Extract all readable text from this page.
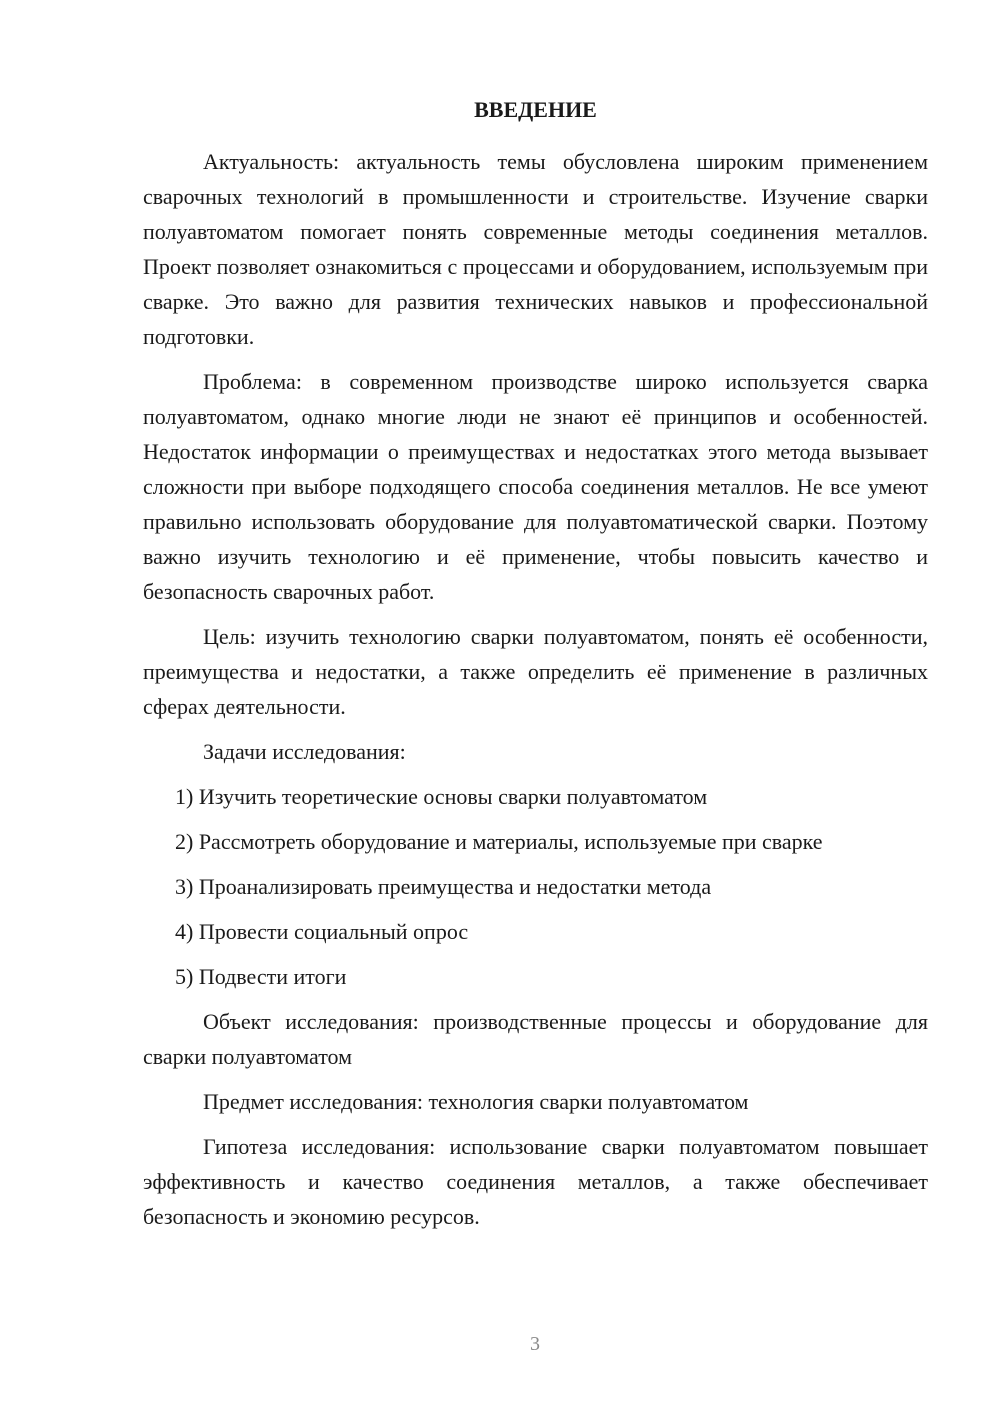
ВВЕДЕНИЕ

Актуальность: актуальность темы обусловлена широким применением сварочных технологий в промышленности и строительстве. Изучение сварки полуавтоматом помогает понять современные методы соединения металлов. Проект позволяет ознакомиться с процессами и оборудованием, используемым при сварке. Это важно для развития технических навыков и профессиональной подготовки.

Проблема: в современном производстве широко используется сварка полуавтоматом, однако многие люди не знают её принципов и особенностей. Недостаток информации о преимуществах и недостатках этого метода вызывает сложности при выборе подходящего способа соединения металлов. Не все умеют правильно использовать оборудование для полуавтоматической сварки. Поэтому важно изучить технологию и её применение, чтобы повысить качество и безопасность сварочных работ.

Цель: изучить технологию сварки полуавтоматом, понять её особенности, преимущества и недостатки, а также определить её применение в различных сферах деятельности.

Задачи исследования:

1) Изучить теоретические основы сварки полуавтоматом
2) Рассмотреть оборудование и материалы, используемые при сварке
3) Проанализировать преимущества и недостатки метода
4) Провести социальный опрос
5) Подвести итоги

Объект исследования: производственные процессы и оборудование для сварки полуавтоматом

Предмет исследования: технология сварки полуавтоматом

Гипотеза исследования: использование сварки полуавтоматом повышает эффективность и качество соединения металлов, а также обеспечивает безопасность и экономию ресурсов.

3
